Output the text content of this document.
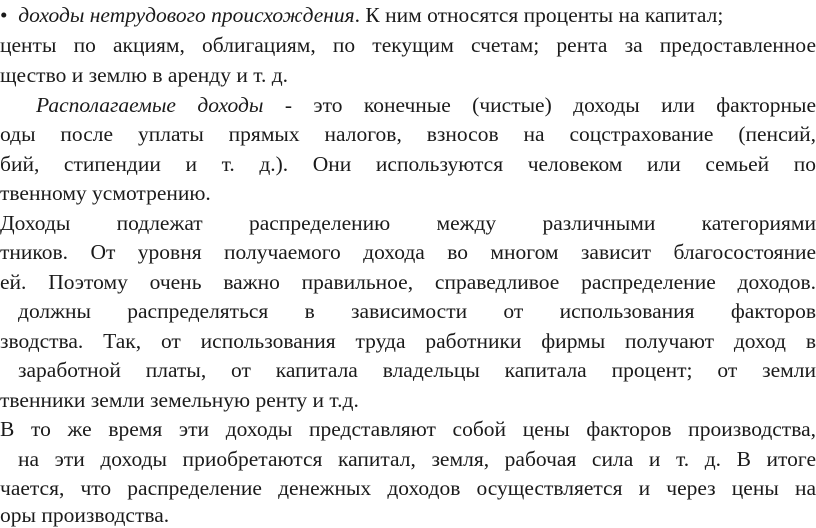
• доходы нетрудового происхождения. К ним относятся проценты на капитал;
центы по акциям, облигациям, по текущим счетам; рента за предоставленное
щество и землю в аренду и т. д.
Располагаемые доходы - это конечные (чистые) доходы или факторные
оды после уплаты прямых налогов, взносов на соцстрахование (пенсий,
бий, стипендии и т. д.). Они используются человеком или семьей по
твенному усмотрению.
Доходы подлежат распределению между различными категориями
тников. От уровня получаемого дохода во многом зависит благосостояние
ей. Поэтому очень важно правильное, справедливое распределение доходов.
должны распределяться в зависимости от использования факторов
зводства. Так, от использования труда работники фирмы получают доход в
заработной платы, от капитала владельцы капитала процент; от земли
твенники земли земельную ренту и т.д.
В то же время эти доходы представляют собой цены факторов производства,
на эти доходы приобретаются капитал, земля, рабочая сила и т. д. В итоге
чается, что распределение денежных доходов осуществляется и через цены на
оры производства.
